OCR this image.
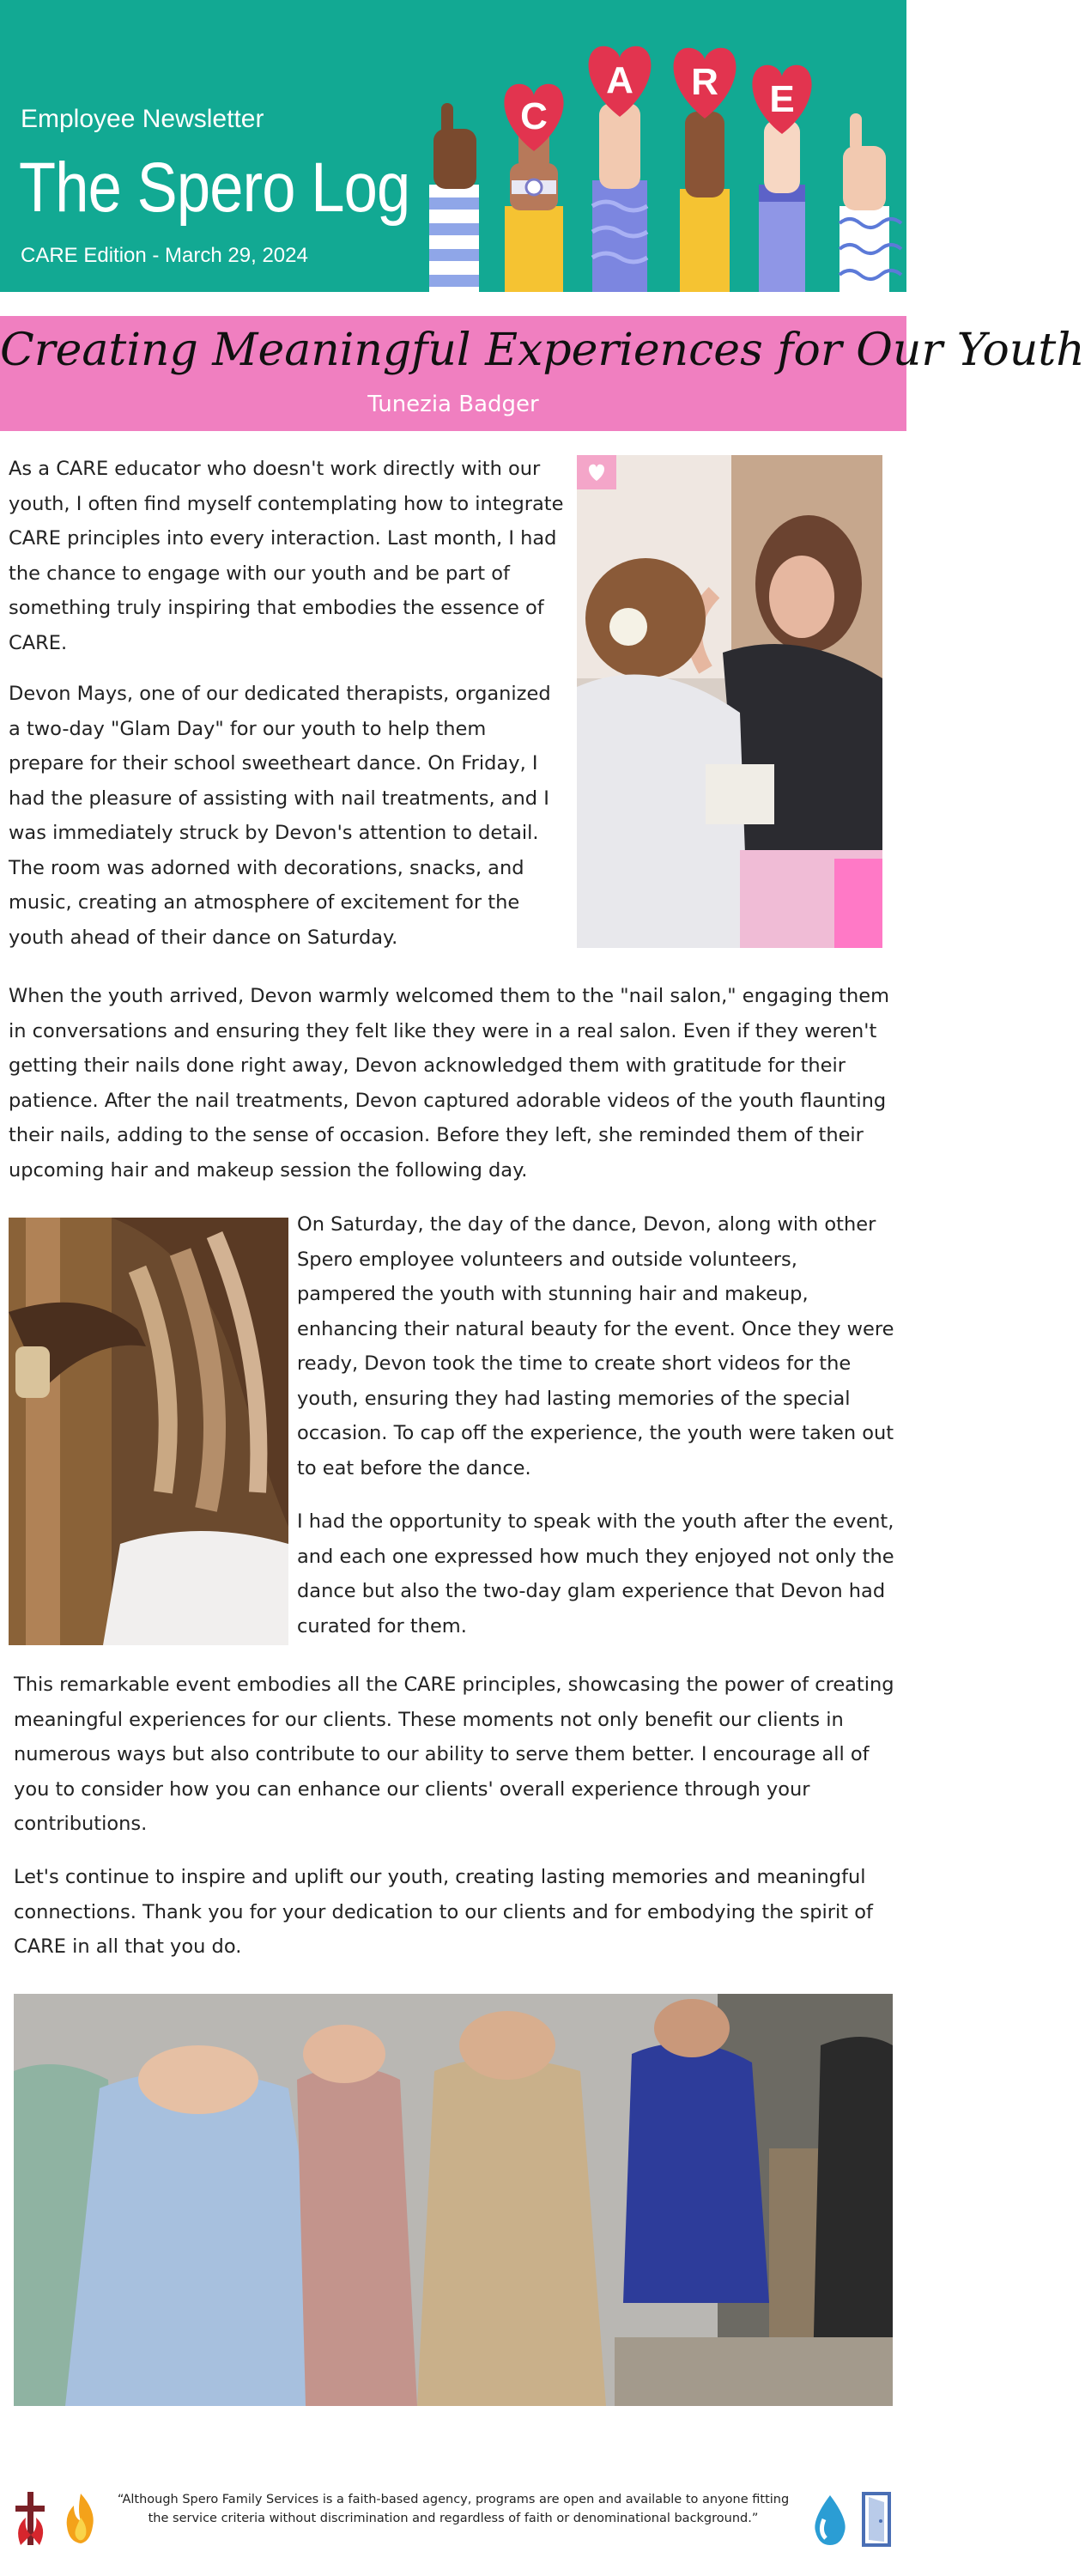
Employee Newsletter
The Spero Log
CARE Edition - March 29, 2024
C
A R E
Creating Meaningful Experiences for Our Youth
Tunezia Badger
As a CARE educator who doesn't work directly with our youth, I often find myself contemplating how to integrate CARE principles into every interaction. Last month, I had the chance to engage with our youth and be part of something truly inspiring that embodies the essence of CARE.
Devon Mays, one of our dedicated therapists, organized a two-day "Glam Day" for our youth to help them prepare for their school sweetheart dance. On Friday, I had the pleasure of assisting with nail treatments, and I was immediately struck by Devon's attention to detail. The room was adorned with decorations, snacks, and music, creating an atmosphere of excitement for the youth ahead of their dance on Saturday.
When the youth arrived, Devon warmly welcomed them to the "nail salon," engaging them in conversations and ensuring they felt like they were in a real salon. Even if they weren't getting their nails done right away, Devon acknowledged them with gratitude for their patience. After the nail treatments, Devon captured adorable videos of the youth flaunting their nails, adding to the sense of occasion. Before they left, she reminded them of their upcoming hair and makeup session the following day.
On Saturday, the day of the dance, Devon, along with other Spero employee volunteers and outside volunteers, pampered the youth with stunning hair and makeup, enhancing their natural beauty for the event. Once they were ready, Devon took the time to create short videos for the youth, ensuring they had lasting memories of the special occasion. To cap off the experience, the youth were taken out to eat before the dance.
I had the opportunity to speak with the youth after the event, and each one expressed how much they enjoyed not only the dance but also the two-day glam experience that Devon had curated for them.
This remarkable event embodies all the CARE principles, showcasing the power of creating meaningful experiences for our clients. These moments not only benefit our clients in numerous ways but also contribute to our ability to serve them better. I encourage all of you to consider how you can enhance our clients' overall experience through your contributions.
Let's continue to inspire and uplift our youth, creating lasting memories and meaningful connections. Thank you for your dedication to our clients and for embodying the spirit of CARE in all that you do.
“Although Spero Family Services is a faith-based agency, programs are open and available to anyone fitting the service criteria without discrimination and regardless of faith or denominational background.”
